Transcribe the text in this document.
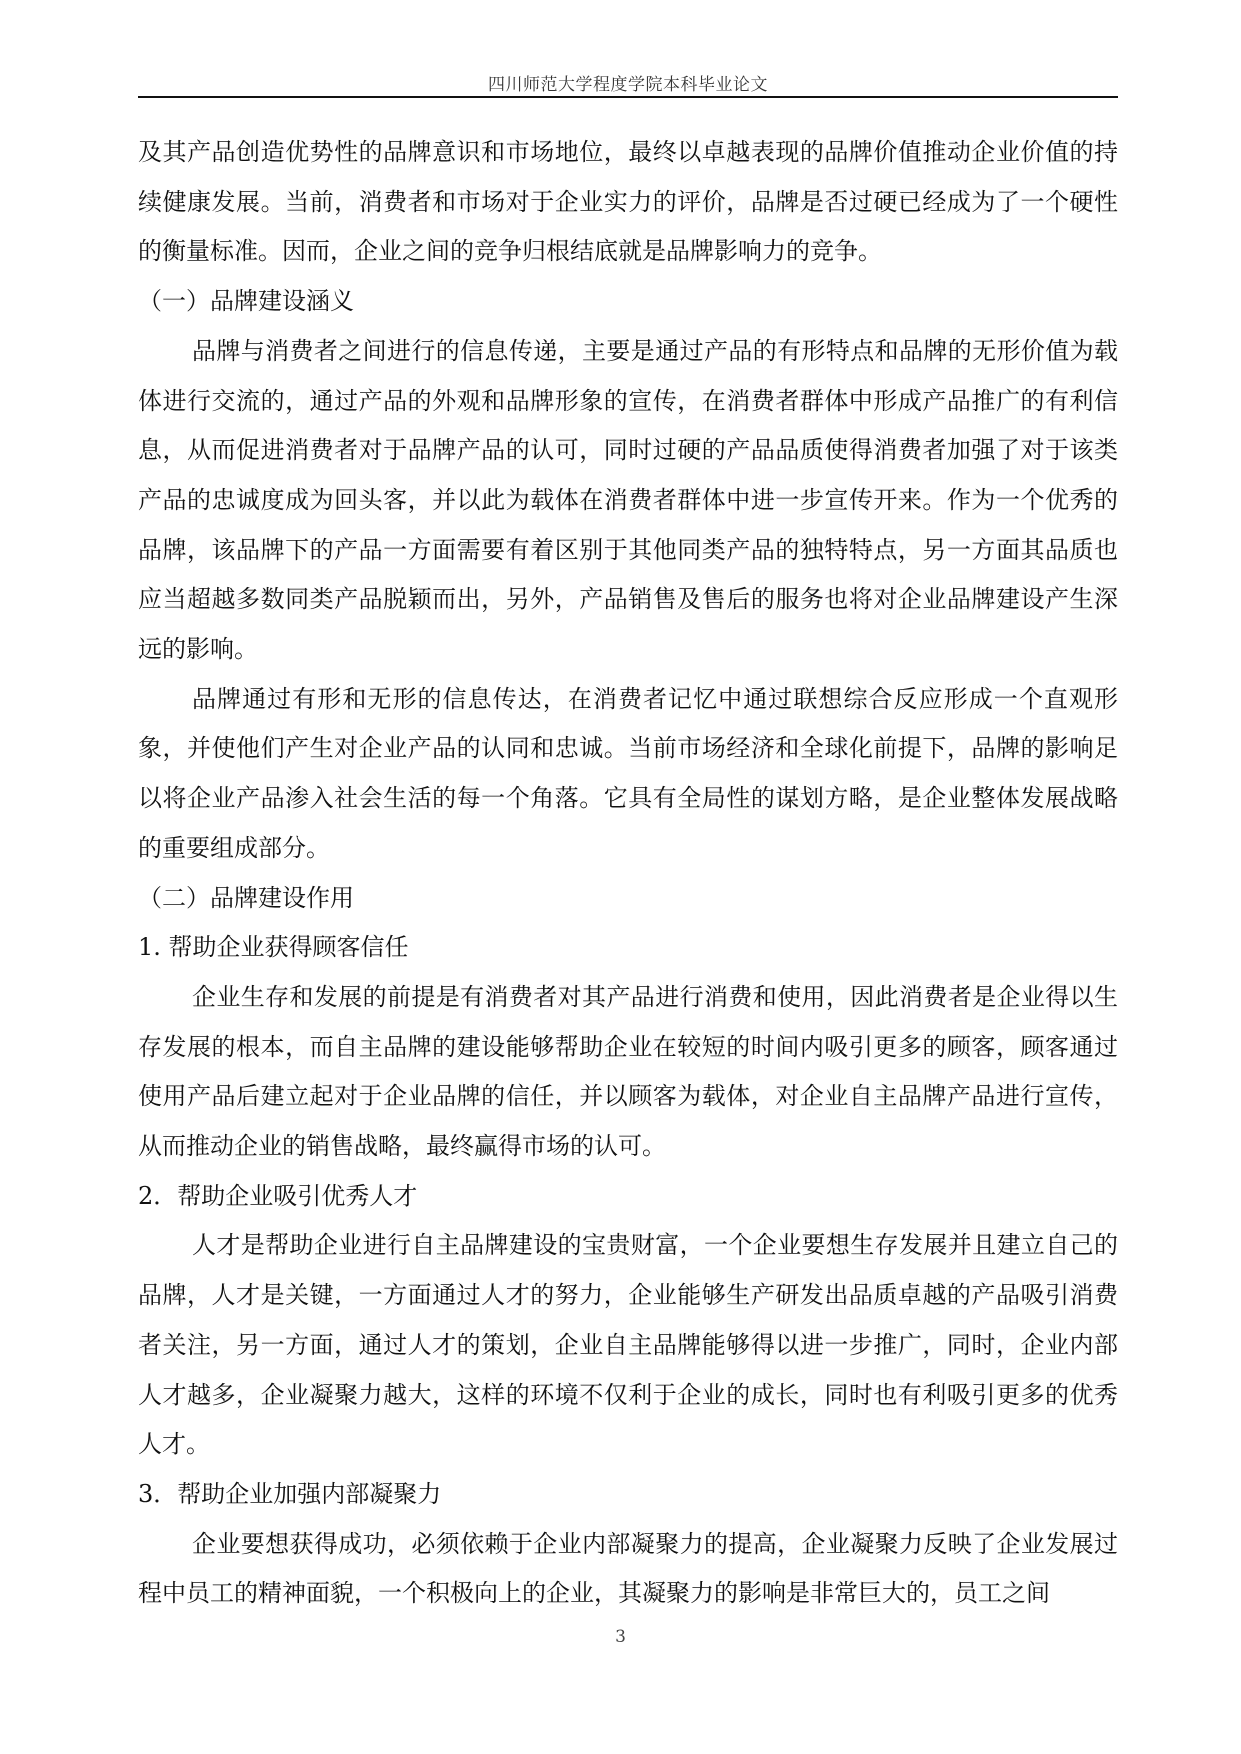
四川师范大学程度学院本科毕业论文

及其产品创造优势性的品牌意识和市场地位，最终以卓越表现的品牌价值推动企业价值的持续健康发展。当前，消费者和市场对于企业实力的评价，品牌是否过硬已经成为了一个硬性的衡量标准。因而，企业之间的竞争归根结底就是品牌影响力的竞争。

（一）品牌建设涵义

品牌与消费者之间进行的信息传递，主要是通过产品的有形特点和品牌的无形价值为载体进行交流的，通过产品的外观和品牌形象的宣传，在消费者群体中形成产品推广的有利信息，从而促进消费者对于品牌产品的认可，同时过硬的产品品质使得消费者加强了对于该类产品的忠诚度成为回头客，并以此为载体在消费者群体中进一步宣传开来。作为一个优秀的品牌，该品牌下的产品一方面需要有着区别于其他同类产品的独特特点，另一方面其品质也应当超越多数同类产品脱颖而出，另外，产品销售及售后的服务也将对企业品牌建设产生深远的影响。

品牌通过有形和无形的信息传达，在消费者记忆中通过联想综合反应形成一个直观形象，并使他们产生对企业产品的认同和忠诚。当前市场经济和全球化前提下，品牌的影响足以将企业产品渗入社会生活的每一个角落。它具有全局性的谋划方略，是企业整体发展战略的重要组成部分。

（二）品牌建设作用

1. 帮助企业获得顾客信任

企业生存和发展的前提是有消费者对其产品进行消费和使用，因此消费者是企业得以生存发展的根本，而自主品牌的建设能够帮助企业在较短的时间内吸引更多的顾客，顾客通过使用产品后建立起对于企业品牌的信任，并以顾客为载体，对企业自主品牌产品进行宣传，从而推动企业的销售战略，最终赢得市场的认可。

2．帮助企业吸引优秀人才

人才是帮助企业进行自主品牌建设的宝贵财富，一个企业要想生存发展并且建立自己的品牌，人才是关键，一方面通过人才的努力，企业能够生产研发出品质卓越的产品吸引消费者关注，另一方面，通过人才的策划，企业自主品牌能够得以进一步推广，同时，企业内部人才越多，企业凝聚力越大，这样的环境不仅利于企业的成长，同时也有利吸引更多的优秀人才。

3．帮助企业加强内部凝聚力

企业要想获得成功，必须依赖于企业内部凝聚力的提高，企业凝聚力反映了企业发展过程中员工的精神面貌，一个积极向上的企业，其凝聚力的影响是非常巨大的，员工之间

3
